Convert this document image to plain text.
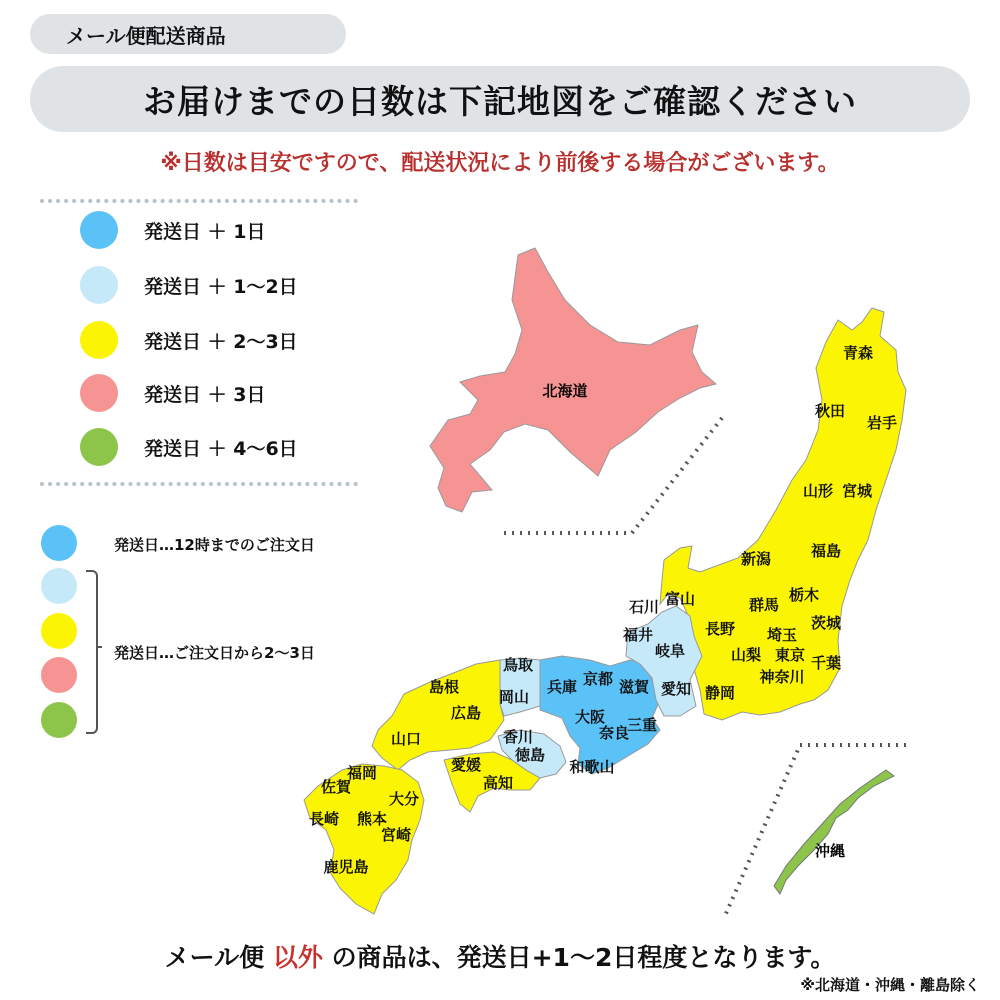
メール便配送商品
お届けまでの日数は下記地図をご確認ください
※日数は目安ですので、配送状況により前後する場合がございます。
発送日 ＋ 1日
発送日 ＋ 1〜2日
発送日 ＋ 2〜3日
発送日 ＋ 3日
発送日 ＋ 4〜6日
発送日…12時までのご注文日
発送日…ご注文日から2〜3日
北海道
沖縄
青森
秋田
岩手
山形 宮城
新潟	福島
群馬
栃木
石川 富山
茨城
福井	長野 埼玉
岐阜	山梨 東京 千葉
神奈川
鳥取
島根	京都
兵庫	滋賀 愛知 静岡
岡山
広島	大阪 三重
奈良
山口	香川
徳島
和歌山
福岡	愛媛
高知
大分
佐賀
長崎 熊本
宮崎
鹿児島
メール便 以外 の商品は、発送日+1〜2日程度となります。
※北海道・沖縄・離島除く
